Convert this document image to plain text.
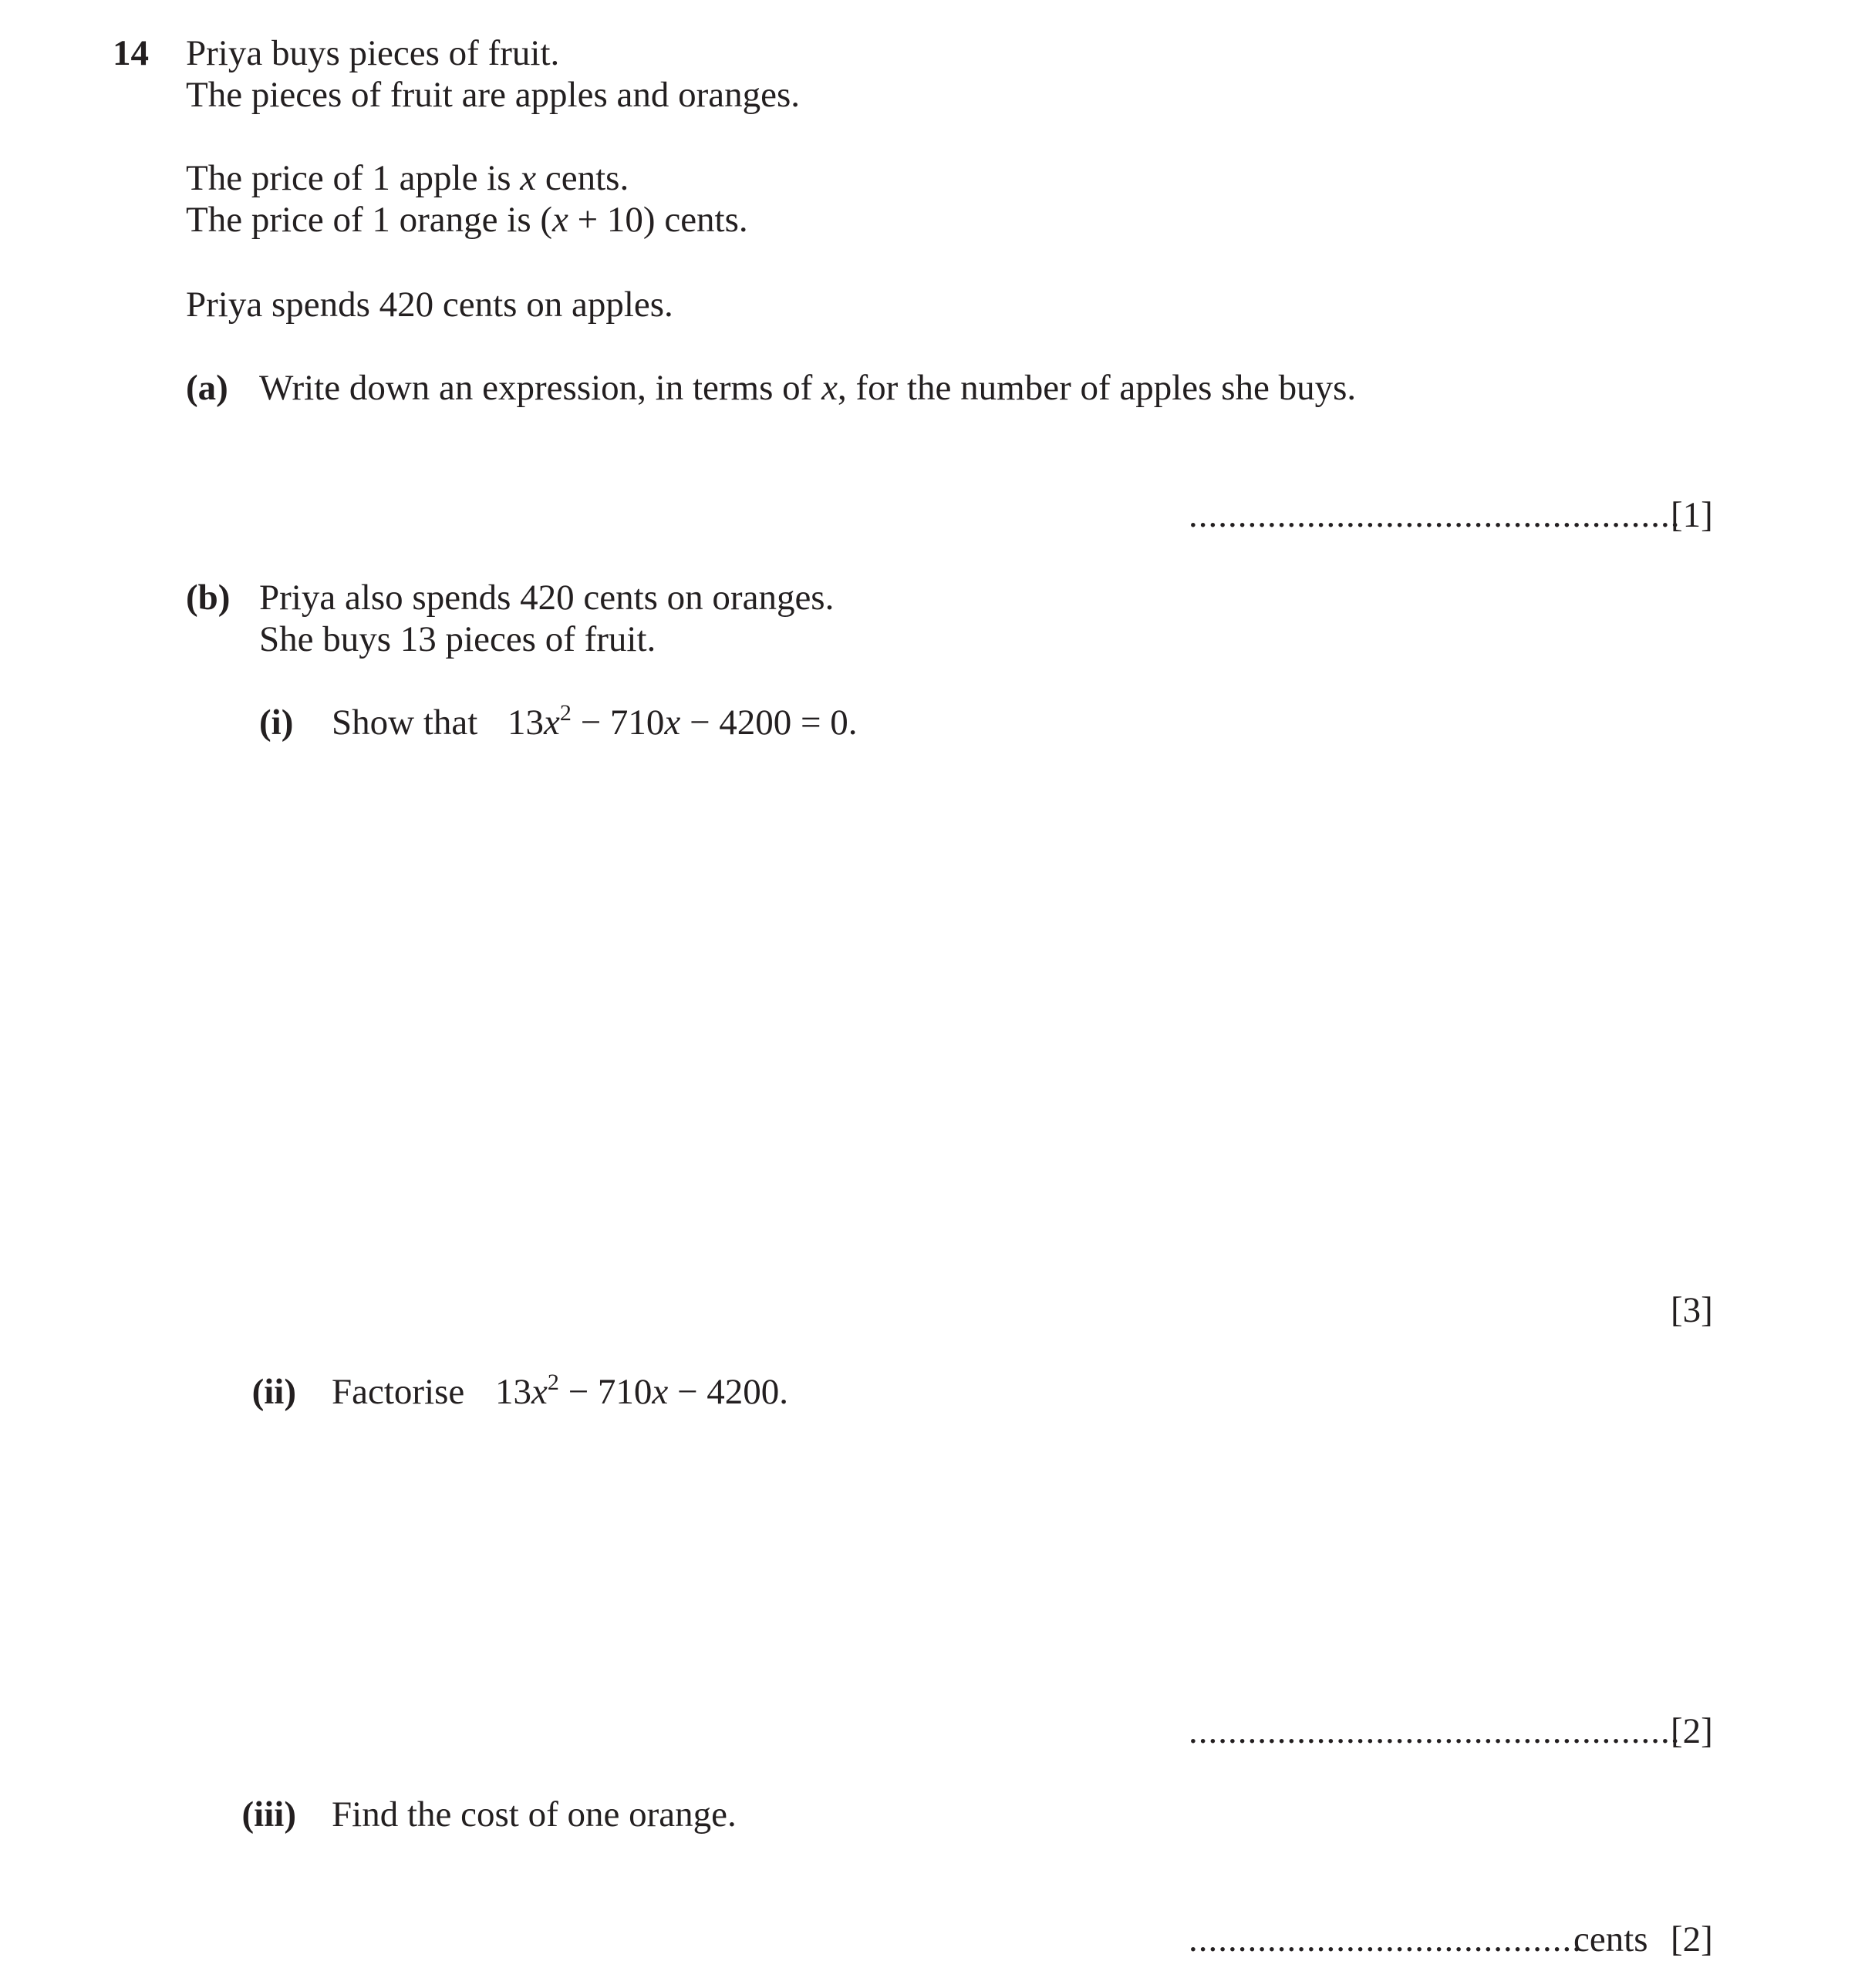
14 Priya buys pieces of fruit.
The pieces of fruit are apples and oranges.
The price of 1 apple is x cents.
The price of 1 orange is (x + 10) cents.
Priya spends 420 cents on apples.
(a) Write down an expression, in terms of x, for the number of apples she buys.
..................................................
[1]
(b) Priya also spends 420 cents on oranges.
She buys 13 pieces of fruit.
(i) Show that $13x^2 - 710x - 4200 = 0$.
[3]
(ii) Factorise $13x^2 - 710x - 4200$.
..................................................
[2]
(iii) Find the cost of one orange.
........................................
cents [2]
